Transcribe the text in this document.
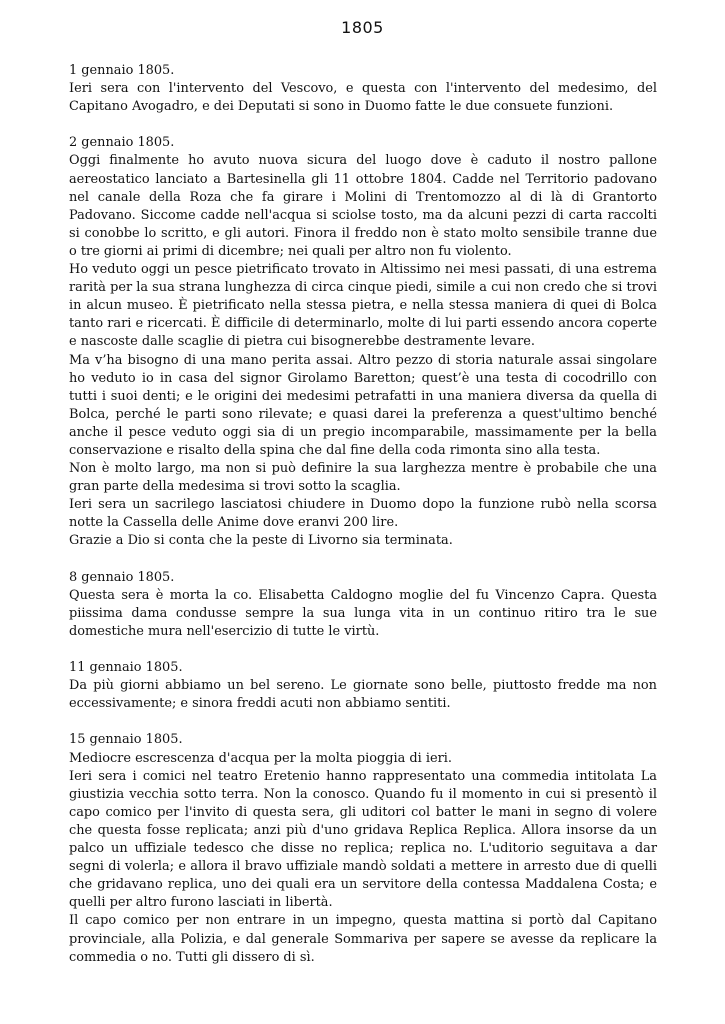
1805
1 gennaio 1805.
Ieri sera con l'intervento del Vescovo, e questa con l'intervento del medesimo, del Capitano Avogadro, e dei Deputati si sono in Duomo fatte le due consuete funzioni.
2 gennaio 1805.
Oggi finalmente ho avuto nuova sicura del luogo dove è caduto il nostro pallone aereostatico lanciato a Bartesinella gli 11 ottobre 1804. Cadde nel Territorio padovano nel canale della Roza che fa girare i Molini di Trentomozzo al di là di Grantorto Padovano. Siccome cadde nell'acqua si sciolse tosto, ma da alcuni pezzi di carta raccolti si conobbe lo scritto, e gli autori. Finora il freddo non è stato molto sensibile tranne due o tre giorni ai primi di dicembre; nei quali per altro non fu violento.
Ho veduto oggi un pesce pietrificato trovato in Altissimo nei mesi passati, di una estrema rarità per la sua strana lunghezza di circa cinque piedi, simile a cui non credo che si trovi in alcun museo. È pietrificato nella stessa pietra, e nella stessa maniera di quei di Bolca tanto rari e ricercati. È difficile di determinarlo, molte di lui parti essendo ancora coperte e nascoste dalle scaglie di pietra cui bisognerebbe destramente levare.
Ma v’ha bisogno di una mano perita assai. Altro pezzo di storia naturale assai singolare ho veduto io in casa del signor Girolamo Baretton; quest’è una testa di cocodrillo con tutti i suoi denti; e le origini dei medesimi petrafatti in una maniera diversa da quella di Bolca, perché le parti sono rilevate; e quasi darei la preferenza a quest'ultimo benché anche il pesce veduto oggi sia di un pregio incomparabile, massimamente per la bella conservazione e risalto della spina che dal fine della coda rimonta sino alla testa.
Non è molto largo, ma non si può definire la sua larghezza mentre è probabile che una gran parte della medesima si trovi sotto la scaglia.
Ieri sera un sacrilego lasciatosi chiudere in Duomo dopo la funzione rubò nella scorsa notte la Cassella delle Anime dove eranvi 200 lire.
Grazie a Dio si conta che la peste di Livorno sia terminata.
8 gennaio 1805.
Questa sera è morta la co. Elisabetta Caldogno moglie del fu Vincenzo Capra. Questa piissima dama condusse sempre la sua lunga vita in un continuo ritiro tra le sue domestiche mura nell'esercizio di tutte le virtù.
11 gennaio 1805.
Da più giorni abbiamo un bel sereno. Le giornate sono belle, piuttosto fredde ma non eccessivamente; e sinora freddi acuti non abbiamo sentiti.
15 gennaio 1805.
Mediocre escrescenza d'acqua per la molta pioggia di ieri.
Ieri sera i comici nel teatro Eretenio hanno rappresentato una commedia intitolata La giustizia vecchia sotto terra. Non la conosco. Quando fu il momento in cui si presentò il capo comico per l'invito di questa sera, gli uditori col batter le mani in segno di volere che questa fosse replicata; anzi più d'uno gridava Replica Replica. Allora insorse da un palco un uffiziale tedesco che disse no replica; replica no. L'uditorio seguitava a dar segni di volerla; e allora il bravo uffiziale mandò soldati a mettere in arresto due di quelli che gridavano replica, uno dei quali era un servitore della contessa Maddalena Costa; e quelli per altro furono lasciati in libertà.
Il capo comico per non entrare in un impegno, questa mattina si portò dal Capitano provinciale, alla Polizia, e dal generale Sommariva per sapere se avesse da replicare la commedia o no. Tutti gli dissero di sì.
